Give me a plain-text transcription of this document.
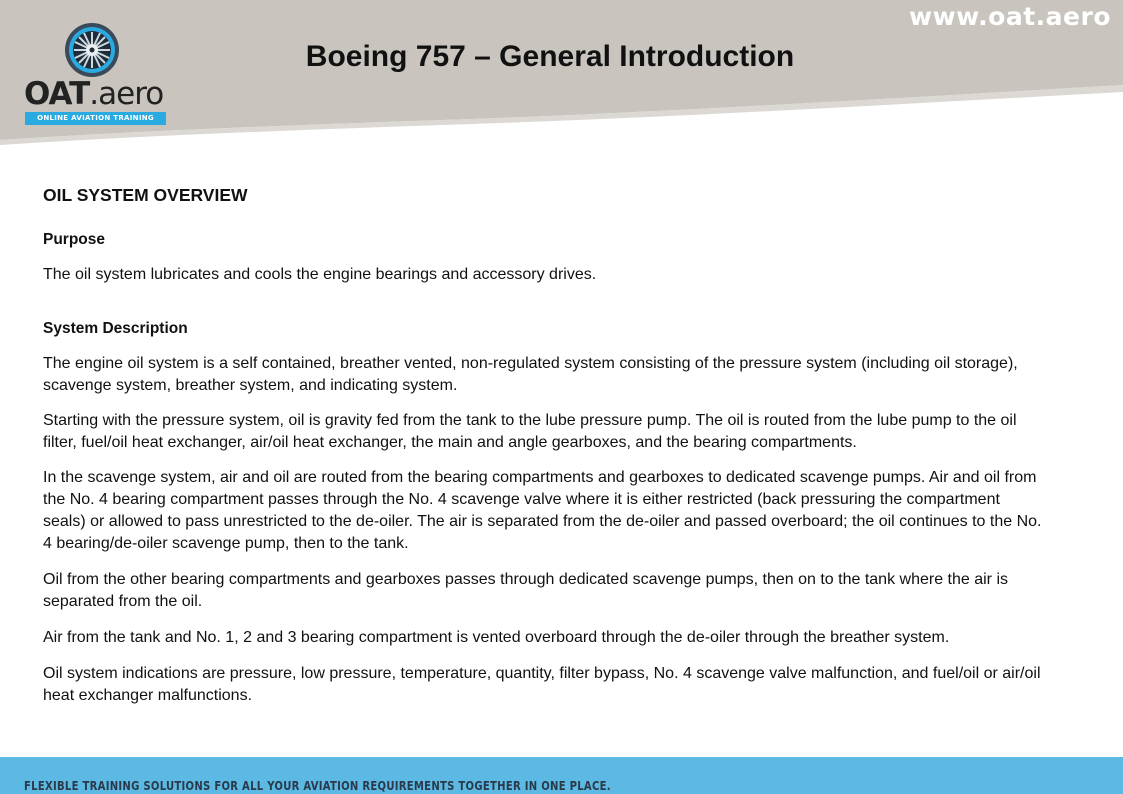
www.oat.aero
OAT.aero
ONLINE AVIATION TRAINING
Boeing 757 – General Introduction
OIL SYSTEM OVERVIEW
Purpose

The oil system lubricates and cools the engine bearings and accessory drives.

System Description

The engine oil system is a self contained, breather vented, non-regulated system consisting of the pressure system (including oil storage), scavenge system, breather system, and indicating system.

Starting with the pressure system, oil is gravity fed from the tank to the lube pressure pump. The oil is routed from the lube pump to the oil filter, fuel/oil heat exchanger, air/oil heat exchanger, the main and angle gearboxes, and the bearing compartments.

In the scavenge system, air and oil are routed from the bearing compartments and gearboxes to dedicated scavenge pumps. Air and oil from the No. 4 bearing compartment passes through the No. 4 scavenge valve where it is either restricted (back pressuring the compartment seals) or allowed to pass unrestricted to the de-oiler. The air is separated from the de-oiler and passed overboard; the oil continues to the No. 4 bearing/de-oiler scavenge pump, then to the tank.

Oil from the other bearing compartments and gearboxes passes through dedicated scavenge pumps, then on to the tank where the air is separated from the oil.

Air from the tank and No. 1, 2 and 3 bearing compartment is vented overboard through the de-oiler through the breather system.

Oil system indications are pressure, low pressure, temperature, quantity, filter bypass, No. 4 scavenge valve malfunction, and fuel/oil or air/oil heat exchanger malfunctions.

FLEXIBLE TRAINING SOLUTIONS FOR ALL YOUR AVIATION REQUIREMENTS TOGETHER IN ONE PLACE.
